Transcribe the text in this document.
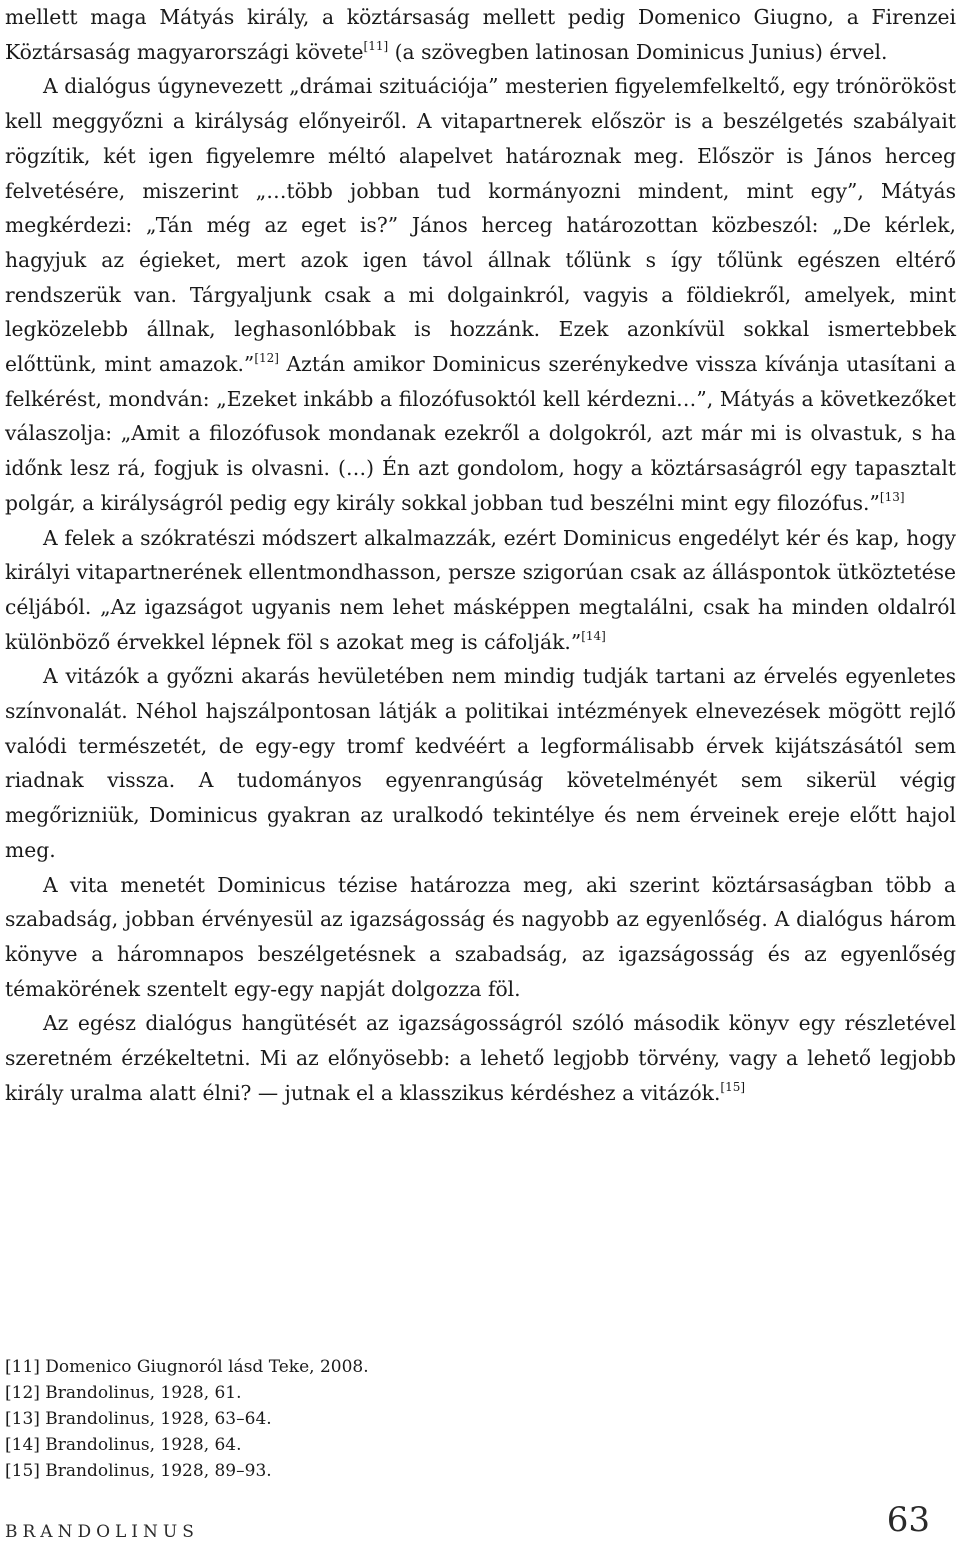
mellett maga Mátyás király, a köztársaság mellett pedig Domenico Giugno, a Firenzei Köztársaság magyarországi követe[11] (a szövegben latinosan Dominicus Junius) érvel.

A dialógus úgynevezett „drámai szituációja” mesterien figyelemfelkeltő, egy trónörököst kell meggyőzni a királyság előnyeiről. A vitapartnerek először is a beszélgetés szabályait rögzítik, két igen figyelemre méltó alapelvet határoznak meg. Először is János herceg felvetésére, miszerint „…több jobban tud kormányozni mindent, mint egy”, Mátyás megkérdezi: „Tán még az eget is?” János herceg határozottan közbeszól: „De kérlek, hagyjuk az égieket, mert azok igen távol állnak tőlünk s így tőlünk egészen eltérő rendszerük van. Tárgyaljunk csak a mi dolgainkról, vagyis a földiekről, amelyek, mint legközelebb állnak, leghasonlóbbak is hozzánk. Ezek azonkívül sokkal ismertebbek előttünk, mint amazok.”[12] Aztán amikor Dominicus szerénykedve vissza kívánja utasítani a felkérést, mondván: „Ezeket inkább a filozófusoktól kell kérdezni…”, Mátyás a következőket válaszolja: „Amit a filozófusok mondanak ezekről a dolgokról, azt már mi is olvastuk, s ha időnk lesz rá, fogjuk is olvasni. (…) Én azt gondolom, hogy a köztársaságról egy tapasztalt polgár, a királyságról pedig egy király sokkal jobban tud beszélni mint egy filozófus.”[13]

A felek a szókratészi módszert alkalmazzák, ezért Dominicus engedélyt kér és kap, hogy királyi vitapartnerének ellentmondhasson, persze szigorúan csak az álláspontok ütköztetése céljából. „Az igazságot ugyanis nem lehet másképpen megtalálni, csak ha minden oldalról különböző érvekkel lépnek föl s azokat meg is cáfolják.”[14]

A vitázók a győzni akarás hevületében nem mindig tudják tartani az érvelés egyenletes színvonalát. Néhol hajszálpontosan látják a politikai intézmények elnevezések mögött rejlő valódi természetét, de egy-egy tromf kedvéért a legformálisabb érvek kijátszásától sem riadnak vissza. A tudományos egyenrangúság követelményét sem sikerül végig megőrizniük, Dominicus gyakran az uralkodó tekintélye és nem érveinek ereje előtt hajol meg.

A vita menetét Dominicus tézise határozza meg, aki szerint köztársaságban több a szabadság, jobban érvényesül az igazságosság és nagyobb az egyenlőség. A dialógus három könyve a háromnapos beszélgetésnek a szabadság, az igazságosság és az egyenlőség témakörének szentelt egy-egy napját dolgozza föl.

Az egész dialógus hangütését az igazságosságról szóló második könyv egy részletével szeretném érzékeltetni. Mi az előnyösebb: a lehető legjobb törvény, vagy a lehető legjobb király uralma alatt élni? — jutnak el a klasszikus kérdéshez a vitázók.[15]

[11] Domenico Giugnoról lásd Teke, 2008.
[12] Brandolinus, 1928, 61.
[13] Brandolinus, 1928, 63–64.
[14] Brandolinus, 1928, 64.
[15] Brandolinus, 1928, 89–93.
BRANDOLINUS	63
